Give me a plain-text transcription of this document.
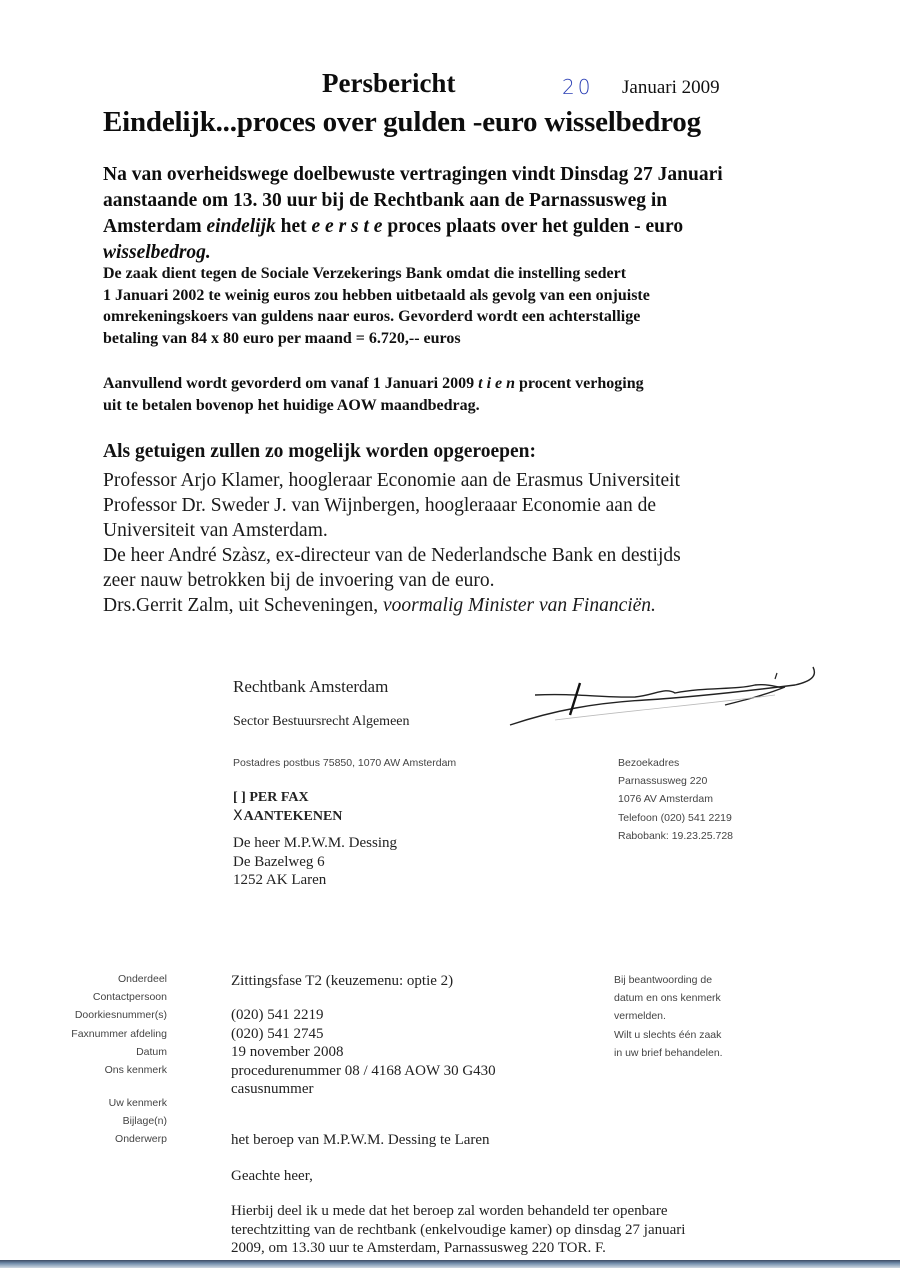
Persbericht	20 Januari 2009
Eindelijk...proces over gulden -euro wisselbedrog
Na van overheidswege doelbewuste vertragingen vindt Dinsdag 27 Januari
aanstaande om 13. 30 uur bij de Rechtbank aan de Parnassusweg in
Amsterdam eindelijk het e e r s t e proces plaats over het gulden - euro
wisselbedrog.
De zaak dient tegen de Sociale Verzekerings Bank omdat die instelling sedert
1 Januari 2002 te weinig euros zou hebben uitbetaald als gevolg van een onjuiste
omrekeningskoers van guldens naar euros. Gevorderd wordt een achterstallige
betaling van 84 x 80 euro per maand = 6.720,-- euros
Aanvullend wordt gevorderd om vanaf 1 Januari 2009 t i e n procent verhoging
uit te betalen bovenop het huidige AOW maandbedrag.
Als getuigen zullen zo mogelijk worden opgeroepen:
Professor Arjo Klamer, hoogleraar Economie aan de Erasmus Universiteit
Professor Dr. Sweder J. van Wijnbergen, hoogleraaar Economie aan de
Universiteit van Amsterdam.
De heer André Szàsz, ex-directeur van de Nederlandsche Bank en destijds
zeer nauw betrokken bij de invoering van de euro.
Drs.Gerrit Zalm, uit Scheveningen, voormalig Minister van Financiën.
Rechtbank Amsterdam
Sector Bestuursrecht Algemeen
Postadres postbus 75850, 1070 AW Amsterdam
[ ] PER FAX
XAANTEKENEN
De heer M.P.W.M. Dessing
De Bazelweg 6
1252 AK Laren
Bezoekadres
Parnassusweg 220
1076 AV Amsterdam
Telefoon (020) 541 2219
Rabobank: 19.23.25.728
Onderdeel
Contactpersoon
Doorkiesnummer(s)
Faxnummer afdeling
Datum
Ons kenmerk
Uw kenmerk
Bijlage(n)
Onderwerp
Zittingsfase T2 (keuzemenu: optie 2)
(020) 541 2219
(020) 541 2745
19 november 2008
procedurenummer 08 / 4168 AOW 30 G430
casusnummer
Bij beantwoording de
datum en ons kenmerk
vermelden.
Wilt u slechts één zaak
in uw brief behandelen.
het beroep van M.P.W.M. Dessing te Laren
Geachte heer,
Hierbij deel ik u mede dat het beroep zal worden behandeld ter openbare
terechtzitting van de rechtbank (enkelvoudige kamer) op dinsdag 27 januari
2009, om 13.30 uur te Amsterdam, Parnassusweg 220 TOR. F.
